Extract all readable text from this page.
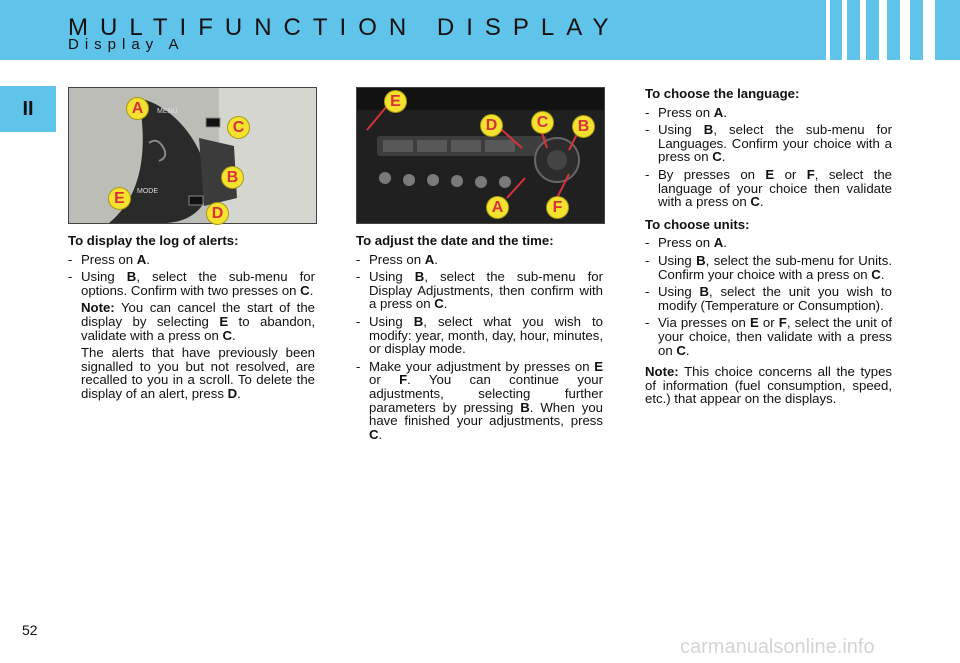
MULTIFUNCTION DISPLAY
Display A
II	MENU
MODE
A
C
B
E
D
E
D	C	B
A	F
To display the log of alerts:
- Press on A.
- Using B, select the sub-menu for options. Confirm with two presses on C.
Note: You can cancel the start of the display by selecting E to abandon, validate with a press on C.
The alerts that have previously been signalled to you but not resolved, are recalled to you in a scroll. To delete the display of an alert, press D.
To adjust the date and the time:
- Press on A.
- Using B, select the sub-menu for Display Adjustments, then confirm with a press on C.
- Using B, select what you wish to modify: year, month, day, hour, minutes, or display mode.
- Make your adjustment by presses on E or F. You can continue your adjustments, selecting further parameters by pressing B. When you have finished your adjustments, press C.
To choose the language:
- Press on A.
- Using B, select the sub-menu for Languages. Confirm your choice with a press on C.
- By presses on E or F, select the language of your choice then validate with a press on C.
To choose units:
- Press on A.
- Using B, select the sub-menu for Units. Confirm your choice with a press on C.
- Using B, select the unit you wish to modify (Temperature or Consumption).
- Via presses on E or F, select the unit of your choice, then validate with a press on C.
Note: This choice concerns all the types of information (fuel consumption, speed, etc.) that appear on the displays.
52
carmanualsonline.info
